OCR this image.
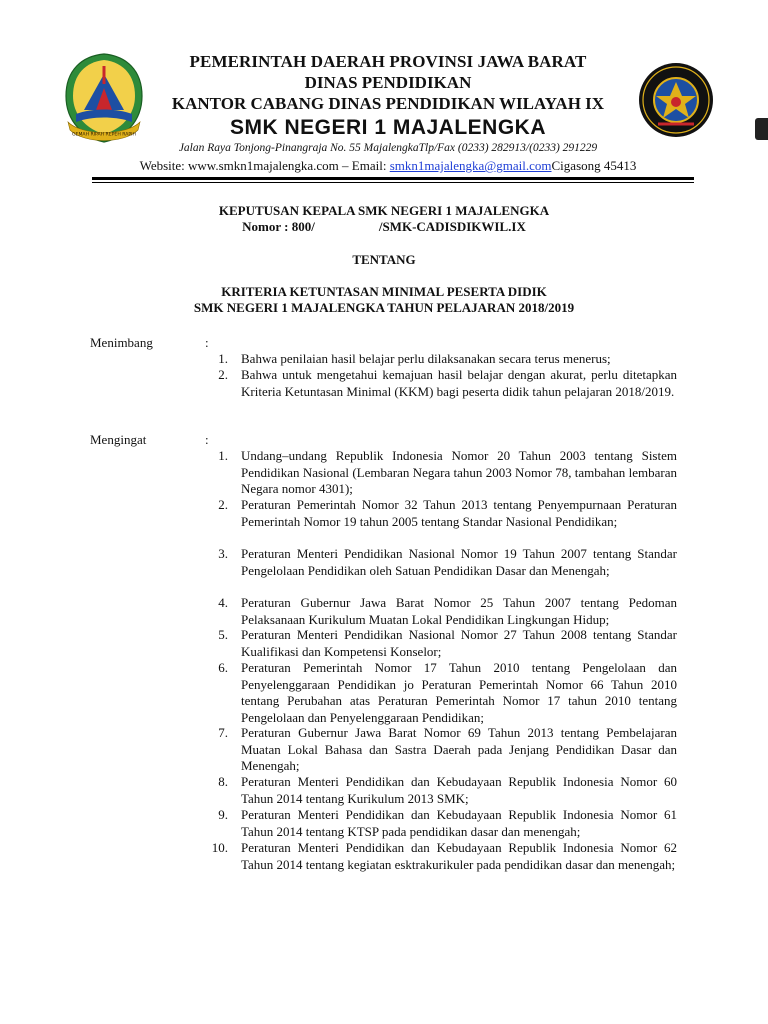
GEMAH RIPAH REPEH RAPIH
PEMERINTAH DAERAH PROVINSI JAWA BARAT
DINAS PENDIDIKAN
KANTOR CABANG DINAS PENDIDIKAN WILAYAH IX
SMK NEGERI 1 MAJALENGKA
Jalan Raya Tonjong-Pinangraja No. 55 MajalengkaTlp/Fax (0233) 282913/(0233) 291229
Website: www.smkn1majalengka.com – Email: smkn1majalengka@gmail.comCigasong 45413
KEPUTUSAN KEPALA SMK NEGERI 1 MAJALENGKA
Nomor : 800/	/SMK-CADISDIKWIL.IX
TENTANG
KRITERIA KETUNTASAN MINIMAL PESERTA DIDIK
SMK NEGERI 1 MAJALENGKA TAHUN PELAJARAN 2018/2019
Menimbang	:
1. Bahwa penilaian hasil belajar perlu dilaksanakan secara terus menerus;
2. Bahwa untuk mengetahui kemajuan hasil belajar dengan akurat, perlu ditetapkan Kriteria Ketuntasan Minimal (KKM) bagi peserta didik tahun pelajaran 2018/2019.
Mengingat	:
1. Undang–undang Republik Indonesia Nomor 20 Tahun 2003 tentang Sistem Pendidikan Nasional (Lembaran Negara tahun 2003 Nomor 78, tambahan lembaran Negara nomor 4301);
2. Peraturan Pemerintah Nomor 32 Tahun 2013 tentang Penyempurnaan Peraturan Pemerintah Nomor 19 tahun 2005 tentang Standar Nasional Pendidikan;
3. Peraturan Menteri Pendidikan Nasional Nomor 19 Tahun 2007 tentang Standar Pengelolaan Pendidikan oleh Satuan Pendidikan Dasar dan Menengah;
4. Peraturan Gubernur Jawa Barat Nomor 25 Tahun 2007 tentang Pedoman Pelaksanaan Kurikulum Muatan Lokal Pendidikan Lingkungan Hidup;
5. Peraturan Menteri Pendidikan Nasional Nomor 27 Tahun 2008 tentang Standar Kualifikasi dan Kompetensi Konselor;
6. Peraturan Pemerintah Nomor 17 Tahun 2010 tentang Pengelolaan dan Penyelenggaraan Pendidikan jo Peraturan Pemerintah Nomor 66 Tahun 2010 tentang Perubahan atas Peraturan Pemerintah Nomor 17 tahun 2010 tentang Pengelolaan dan Penyelenggaraan Pendidikan;
7. Peraturan Gubernur Jawa Barat Nomor 69 Tahun 2013 tentang Pembelajaran Muatan Lokal Bahasa dan Sastra Daerah pada Jenjang Pendidikan Dasar dan Menengah;
8. Peraturan Menteri Pendidikan dan Kebudayaan Republik Indonesia Nomor 60 Tahun 2014 tentang Kurikulum 2013 SMK;
9. Peraturan Menteri Pendidikan dan Kebudayaan Republik Indonesia Nomor 61 Tahun 2014 tentang KTSP pada pendidikan dasar dan menengah;
10. Peraturan Menteri Pendidikan dan Kebudayaan Republik Indonesia Nomor 62 Tahun 2014 tentang kegiatan esktrakurikuler pada pendidikan dasar dan menengah;
